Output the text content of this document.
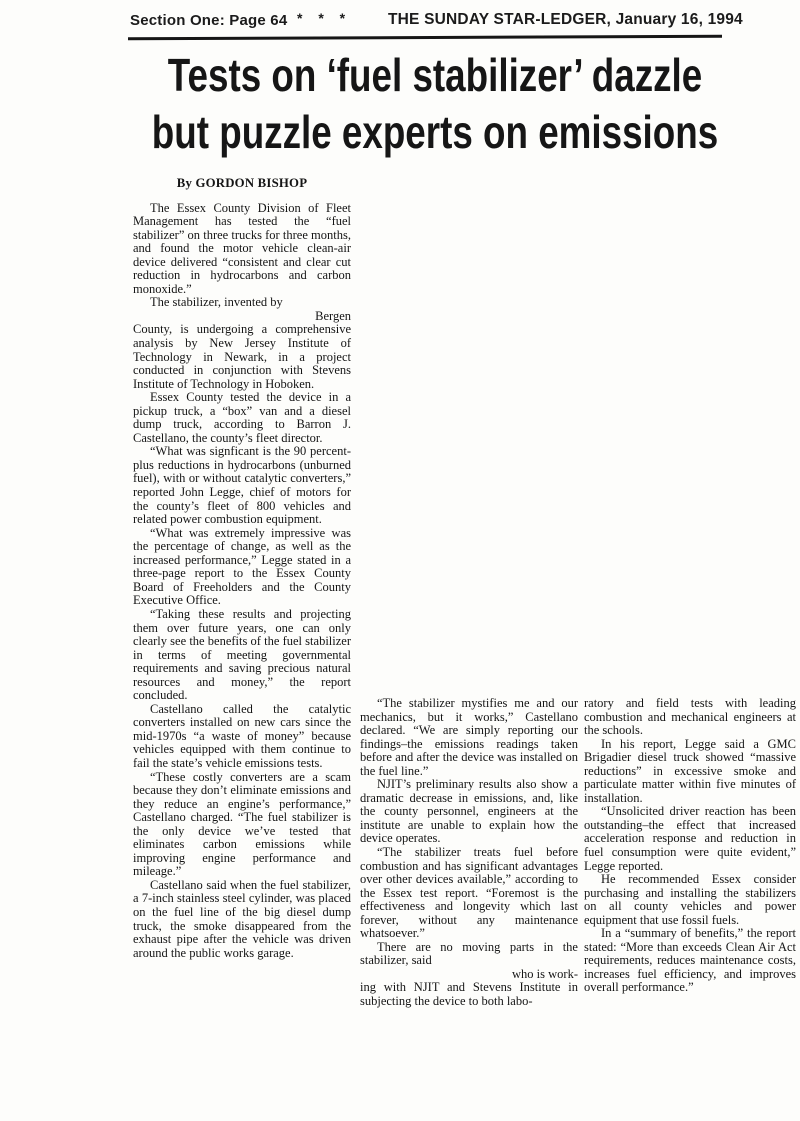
Section One: Page 64 * * * THE SUNDAY STAR-LEDGER, January 16, 1994
Tests on ‘fuel stabilizer’ dazzle
but puzzle experts on emissions

By GORDON BISHOP

The Essex County Division of Fleet Management has tested the “fuel stabilizer” on three trucks for three months, and found the motor vehicle clean-air device delivered “consistent and clear cut reduction in hydrocarbons and carbon monoxide.”

The stabilizer, invented by

Bergen

County, is undergoing a comprehensive analysis by New Jersey Institute of Technology in Newark, in a project conducted in conjunction with Stevens Institute of Technology in Hoboken.

Essex County tested the device in a pickup truck, a “box” van and a diesel dump truck, according to Barron J. Castellano, the county’s fleet director.

“What was signficant is the 90 percent-plus reductions in hydrocarbons (unburned fuel), with or without catalytic converters,” reported John Legge, chief of motors for the county’s fleet of 800 vehicles and related power combustion equipment.

“What was extremely impressive was the percentage of change, as well as the increased performance,” Legge stated in a three-page report to the Essex County Board of Freeholders and the County Executive Office.

“Taking these results and projecting them over future years, one can only clearly see the benefits of the fuel stabilizer in terms of meeting governmental requirements and saving precious natural resources and money,” the report concluded.

Castellano called the catalytic converters installed on new cars since the mid-1970s “a waste of money” because vehicles equipped with them continue to fail the state’s vehicle emissions tests.

“These costly converters are a scam because they don’t eliminate emissions and they reduce an engine’s performance,” Castellano charged. “The fuel stabilizer is the only device we’ve tested that eliminates carbon emissions while improving engine performance and mileage.”

Castellano said when the fuel stabilizer, a 7-inch stainless steel cylinder, was placed on the fuel line of the big diesel dump truck, the smoke disappeared from the exhaust pipe after the vehicle was driven around the public works garage.

“The stabilizer mystifies me and our mechanics, but it works,” Castellano declared. “We are simply reporting our findings–the emissions readings taken before and after the device was installed on the fuel line.”

NJIT’s preliminary results also show a dramatic decrease in emissions, and, like the county personnel, engineers at the institute are unable to explain how the device operates.

“The stabilizer treats fuel before combustion and has significant advantages over other devices available,” according to the Essex test report. “Foremost is the effectiveness and longevity which last forever, without any maintenance whatsoever.”

There are no moving parts in the stabilizer, said

who is work-

ing with NJIT and Stevens Institute in subjecting the device to both labo-

ratory and field tests with leading combustion and mechanical engineers at the schools.

In his report, Legge said a GMC Brigadier diesel truck showed “massive reductions” in excessive smoke and particulate matter within five minutes of installation.

“Unsolicited driver reaction has been outstanding–the effect that increased acceleration response and reduction in fuel consumption were quite evident,” Legge reported.

He recommended Essex consider purchasing and installing the stabilizers on all county vehicles and power equipment that use fossil fuels.

In a “summary of benefits,” the report stated: “More than exceeds Clean Air Act requirements, reduces maintenance costs, increases fuel efficiency, and improves overall performance.”
